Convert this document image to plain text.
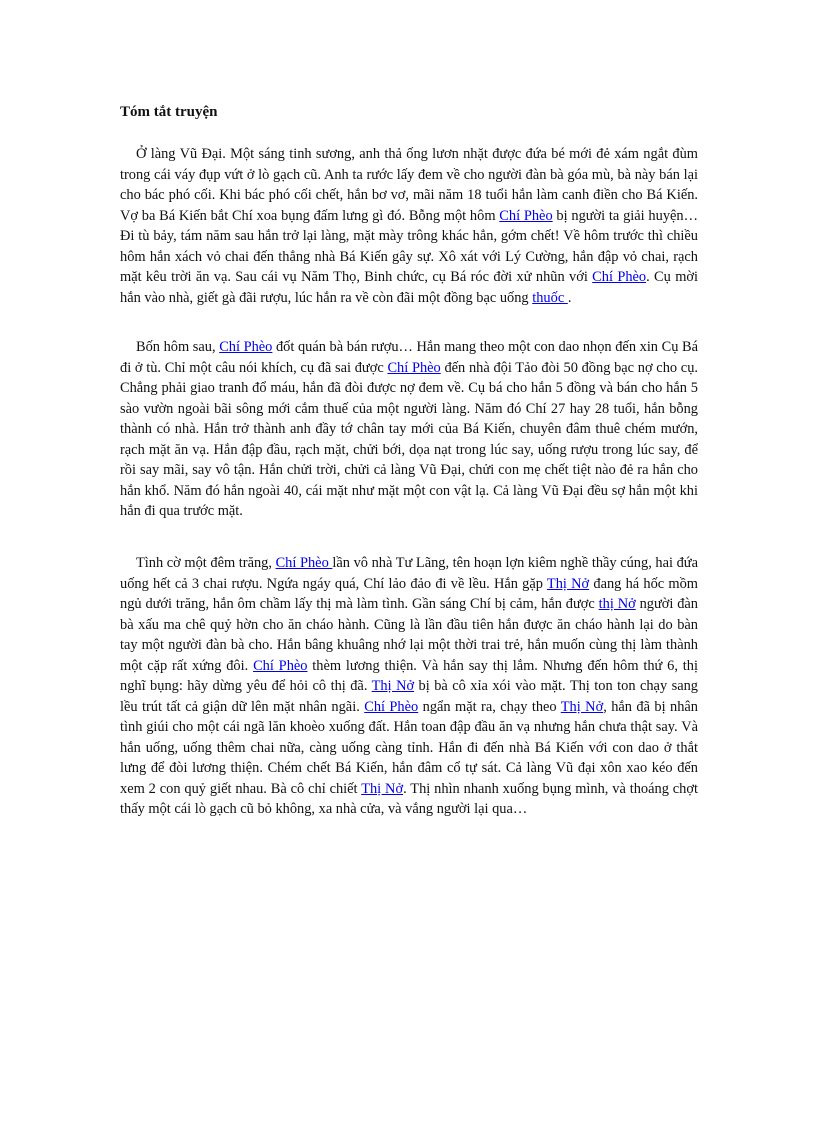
Tóm tắt truyện

Ở làng Vũ Đại. Một sáng tinh sương, anh thả ống lươn nhặt được đứa bé mới đẻ xám ngắt đùm trong cái váy đụp vứt ở lò gạch cũ. Anh ta rước lấy đem về cho người đàn bà góa mù, bà này bán lại cho bác phó cối. Khi bác phó cối chết, hắn bơ vơ, mãi năm 18 tuổi hắn làm canh điền cho Bá Kiến. Vợ ba Bá Kiến bắt Chí xoa bụng đấm lưng gì đó. Bỗng một hôm Chí Phèo bị người ta giải huyện… Đi tù bảy, tám năm sau hắn trở lại làng, mặt mày trông khác hẳn, gớm chết! Về hôm trước thì chiều hôm hắn xách vỏ chai đến thẳng nhà Bá Kiến gây sự. Xô xát với Lý Cường, hắn đập vỏ chai, rạch mặt kêu trời ăn vạ. Sau cái vụ Năm Thọ, Binh chức, cụ Bá róc đời xử nhũn với Chí Phèo. Cụ mời hắn vào nhà, giết gà đãi rượu, lúc hắn ra về còn đãi một đồng bạc uống thuốc .

Bốn hôm sau, Chí Phèo đốt quán bà bán rượu… Hắn mang theo một con dao nhọn đến xin Cụ Bá đi ở tù. Chỉ một câu nói khích, cụ đã sai được Chí Phèo đến nhà đội Tảo đòi 50 đồng bạc nợ cho cụ. Chẳng phải giao tranh đổ máu, hắn đã đòi được nợ đem về. Cụ bá cho hắn 5 đồng và bán cho hắn 5 sào vườn ngoài bãi sông mới cắm thuế của một người làng. Năm đó Chí 27 hay 28 tuổi, hắn bỗng thành có nhà. Hắn trở thành anh đầy tớ chân tay mới của Bá Kiến, chuyên đâm thuê chém mướn, rạch mặt ăn vạ. Hắn đập đầu, rạch mặt, chửi bới, dọa nạt trong lúc say, uống rượu trong lúc say, để rồi say mãi, say vô tận. Hắn chửi trời, chửi cả làng Vũ Đại, chửi con mẹ chết tiệt nào đẻ ra hắn cho hắn khổ. Năm đó hắn ngoài 40, cái mặt như mặt một con vật lạ. Cả làng Vũ Đại đều sợ hắn một khi hắn đi qua trước mặt.

Tình cờ một đêm trăng, Chí Phèo lần vô nhà Tư Lãng, tên hoạn lợn kiêm nghề thầy cúng, hai đứa uống hết cả 3 chai rượu. Ngứa ngáy quá, Chí lảo đảo đi về lều. Hắn gặp Thị Nở đang há hốc mồm ngủ dưới trăng, hắn ôm chầm lấy thị mà làm tình. Gần sáng Chí bị cảm, hắn được thị Nở người đàn bà xấu ma chê quỷ hờn cho ăn cháo hành. Cũng là lần đầu tiên hắn được ăn cháo hành lại do bàn tay một người đàn bà cho. Hắn bâng khuâng nhớ lại một thời trai trẻ, hắn muốn cùng thị làm thành một cặp rất xứng đôi. Chí Phèo thèm lương thiện. Và hắn say thị lắm. Nhưng đến hôm thứ 6, thị nghĩ bụng: hãy dừng yêu để hỏi cô thị đã. Thị Nở bị bà cô xỉa xói vào mặt. Thị ton ton chạy sang lều trút tất cả giận dữ lên mặt nhân ngãi. Chí Phèo ngẩn mặt ra, chạy theo Thị Nở, hắn đã bị nhân tình giúi cho một cái ngã lăn khoèo xuống đất. Hắn toan đập đầu ăn vạ nhưng hắn chưa thật say. Và hắn uống, uống thêm chai nữa, càng uống càng tỉnh. Hắn đi đến nhà Bá Kiến với con dao ở thắt lưng để đòi lương thiện. Chém chết Bá Kiến, hắn đâm cổ tự sát. Cả làng Vũ đại xôn xao kéo đến xem 2 con quỷ giết nhau. Bà cô chỉ chiết Thị Nở. Thị nhìn nhanh xuống bụng mình, và thoáng chợt thấy một cái lò gạch cũ bỏ không, xa nhà cửa, và vắng người lại qua…
